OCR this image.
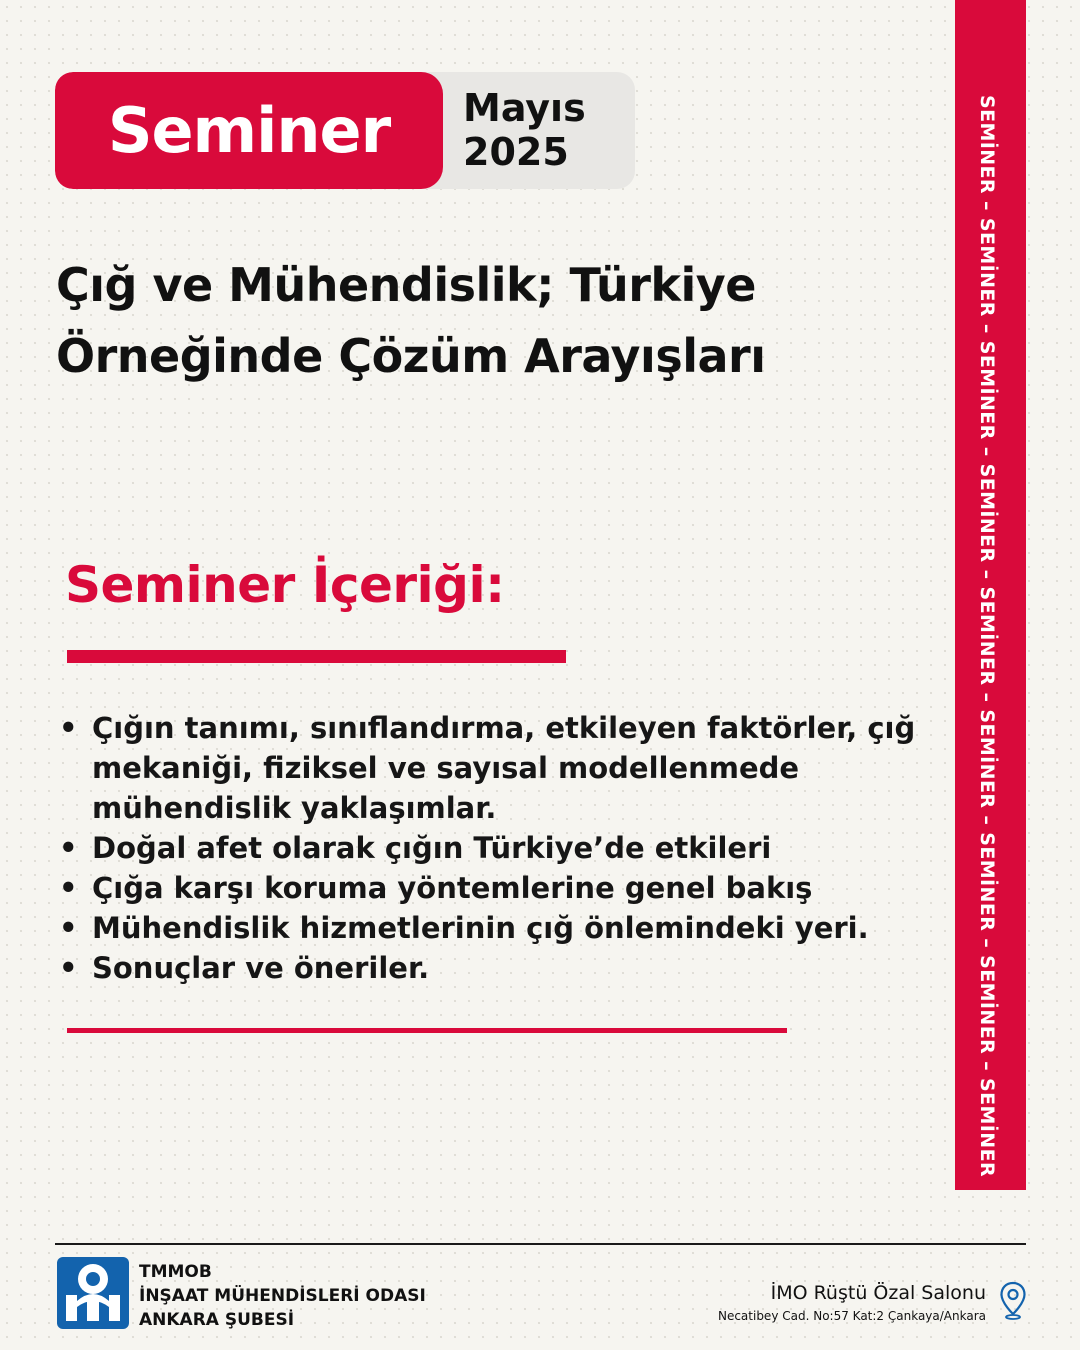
Seminer Mayıs
2025
Çığ ve Mühendislik; Türkiye
Örneğinde Çözüm Arayışları
Seminer İçeriği:
• Çığın tanımı, sınıflandırma, etkileyen faktörler, çığ mekaniği, fiziksel ve sayısal modellenmede mühendislik yaklaşımlar.
• Doğal afet olarak çığın Türkiye’de etkileri
• Çığa karşı koruma yöntemlerine genel bakış
• Mühendislik hizmetlerinin çığ önlemindeki yeri.
• Sonuçlar ve öneriler.	SEMİNER – SEMİNER – SEMİNER – SEMİNER – SEMİNER – SEMİNER – SEMİNER – SEMİNER – SEMİNER
TMMOB
İNŞAAT MÜHENDİSLERİ ODASI
ANKARA ŞUBESİ
İMO Rüştü Özal Salonu
Necatibey Cad. No:57 Kat:2 Çankaya/Ankara
